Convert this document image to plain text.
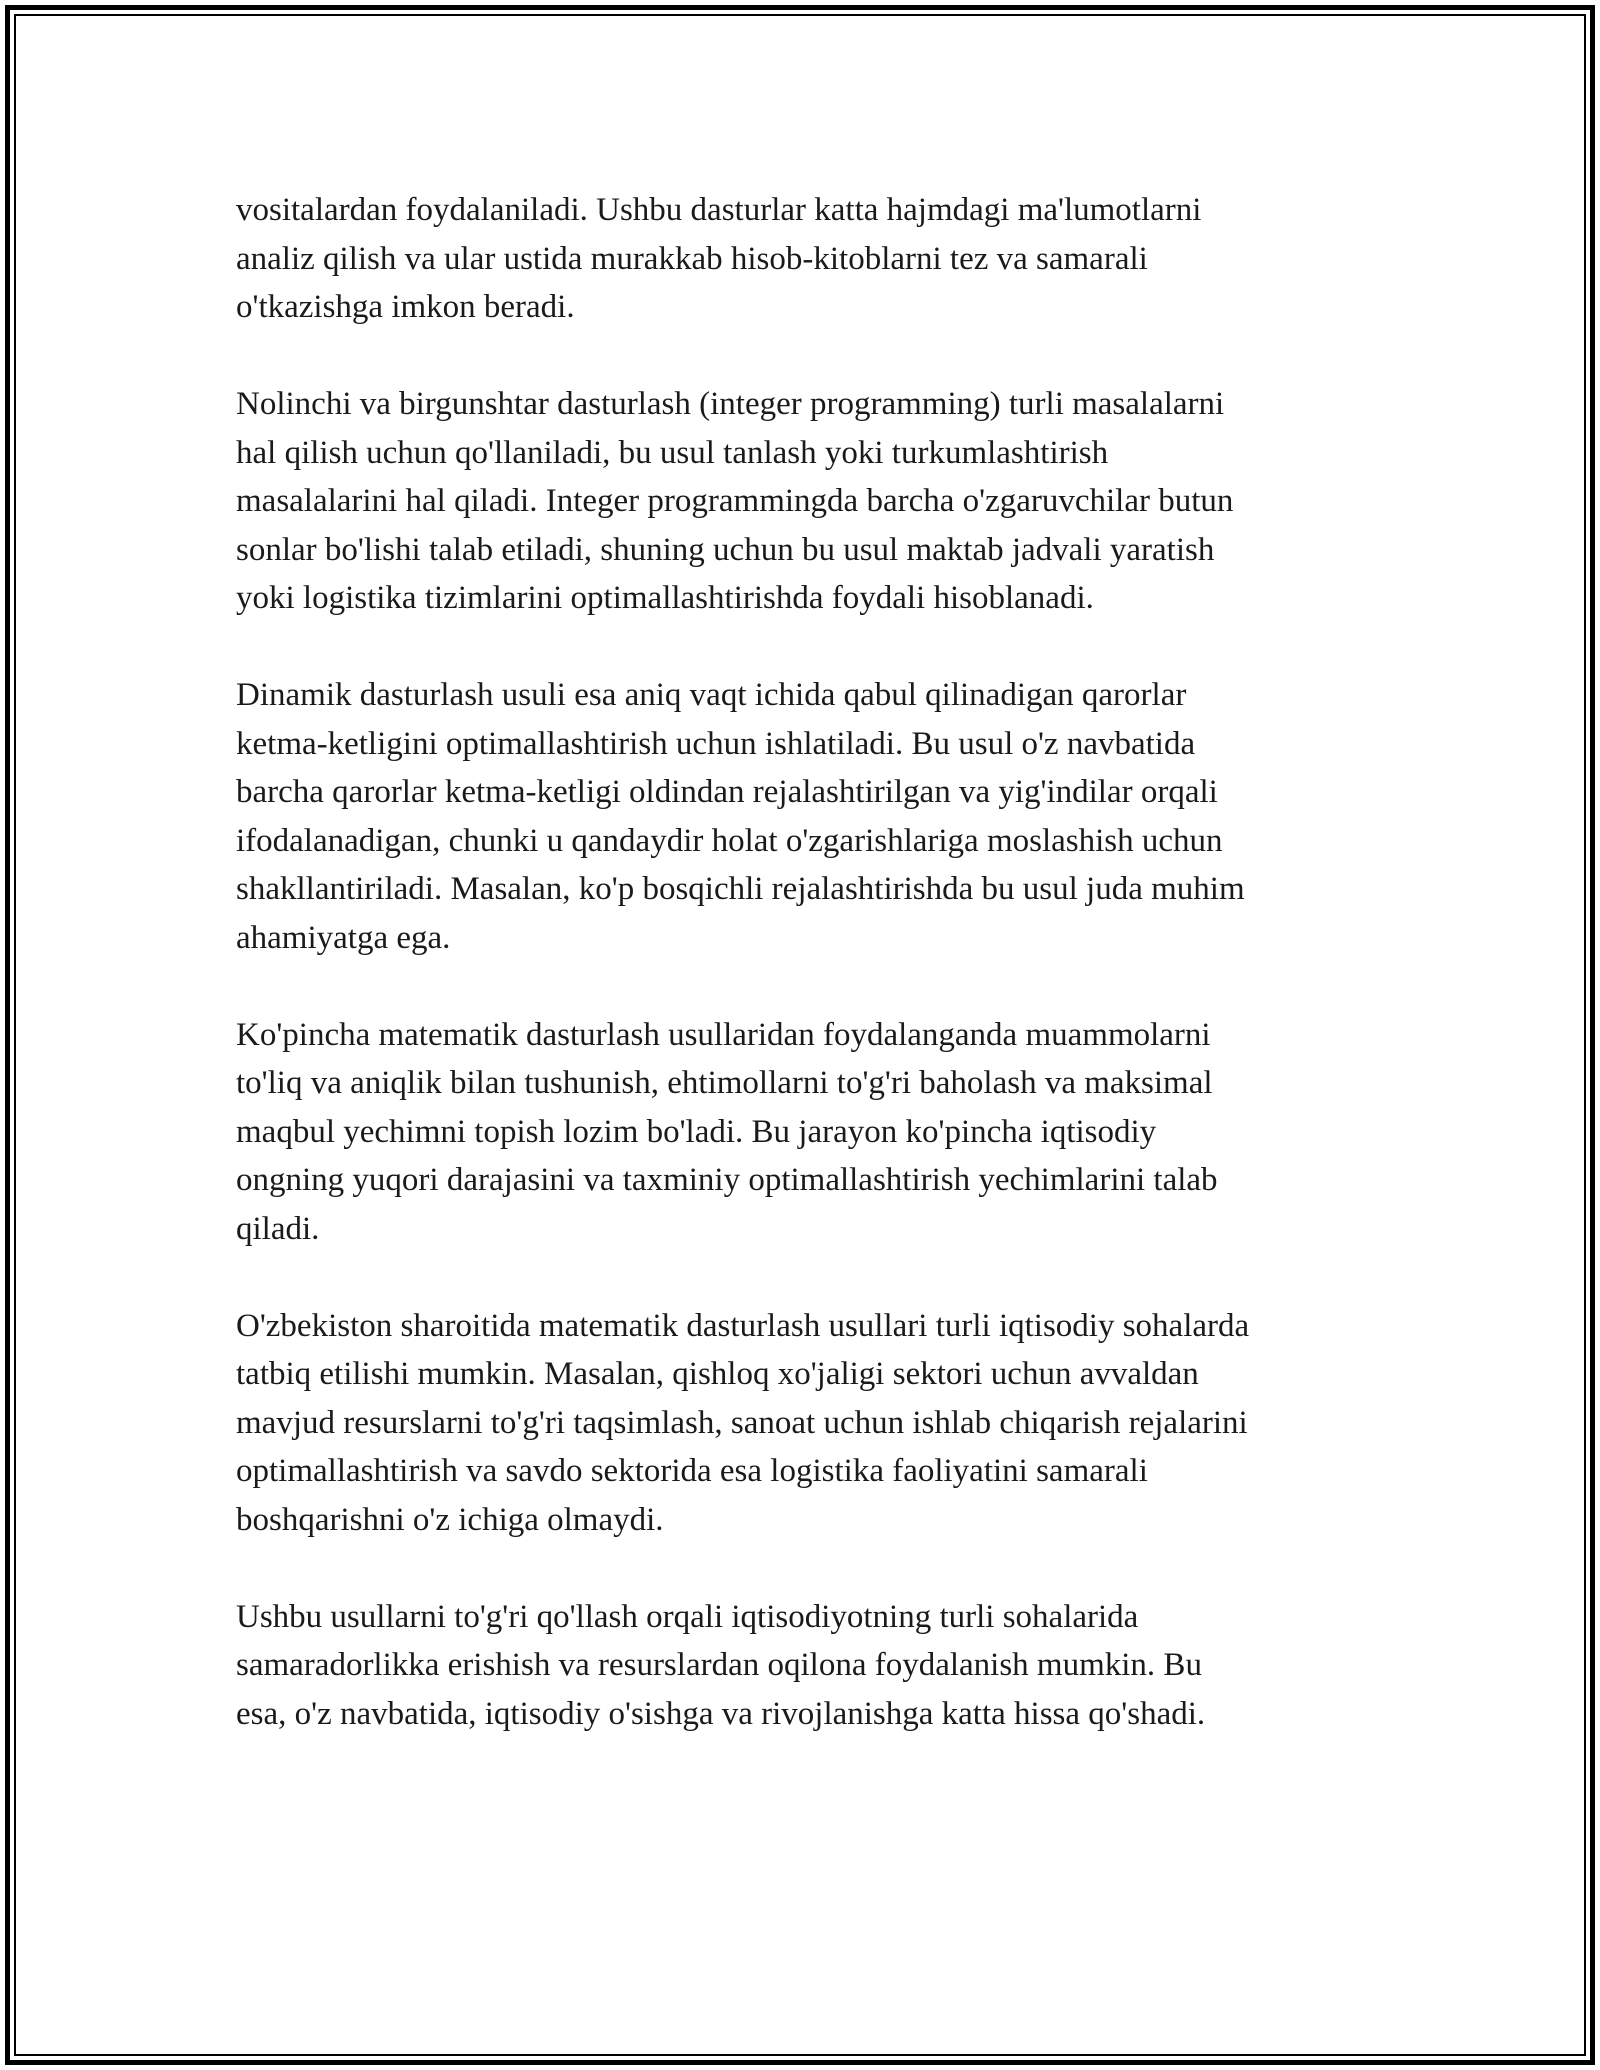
vositalardan foydalaniladi. Ushbu dasturlar katta hajmdagi ma'lumotlarni
analiz qilish va ular ustida murakkab hisob-kitoblarni tez va samarali
o'tkazishga imkon beradi.

Nolinchi va birgunshtar dasturlash (integer programming) turli masalalarni
hal qilish uchun qo'llaniladi, bu usul tanlash yoki turkumlashtirish
masalalarini hal qiladi. Integer programmingda barcha o'zgaruvchilar butun
sonlar bo'lishi talab etiladi, shuning uchun bu usul maktab jadvali yaratish
yoki logistika tizimlarini optimallashtirishda foydali hisoblanadi.

Dinamik dasturlash usuli esa aniq vaqt ichida qabul qilinadigan qarorlar
ketma-ketligini optimallashtirish uchun ishlatiladi. Bu usul o'z navbatida
barcha qarorlar ketma-ketligi oldindan rejalashtirilgan va yig'indilar orqali
ifodalanadigan, chunki u qandaydir holat o'zgarishlariga moslashish uchun
shakllantiriladi. Masalan, ko'p bosqichli rejalashtirishda bu usul juda muhim
ahamiyatga ega.

Ko'pincha matematik dasturlash usullaridan foydalanganda muammolarni
to'liq va aniqlik bilan tushunish, ehtimollarni to'g'ri baholash va maksimal
maqbul yechimni topish lozim bo'ladi. Bu jarayon ko'pincha iqtisodiy
ongning yuqori darajasini va taxminiy optimallashtirish yechimlarini talab
qiladi.

O'zbekiston sharoitida matematik dasturlash usullari turli iqtisodiy sohalarda
tatbiq etilishi mumkin. Masalan, qishloq xo'jaligi sektori uchun avvaldan
mavjud resurslarni to'g'ri taqsimlash, sanoat uchun ishlab chiqarish rejalarini
optimallashtirish va savdo sektorida esa logistika faoliyatini samarali
boshqarishni o'z ichiga olmaydi.

Ushbu usullarni to'g'ri qo'llash orqali iqtisodiyotning turli sohalarida
samaradorlikka erishish va resurslardan oqilona foydalanish mumkin. Bu
esa, o'z navbatida, iqtisodiy o'sishga va rivojlanishga katta hissa qo'shadi.
